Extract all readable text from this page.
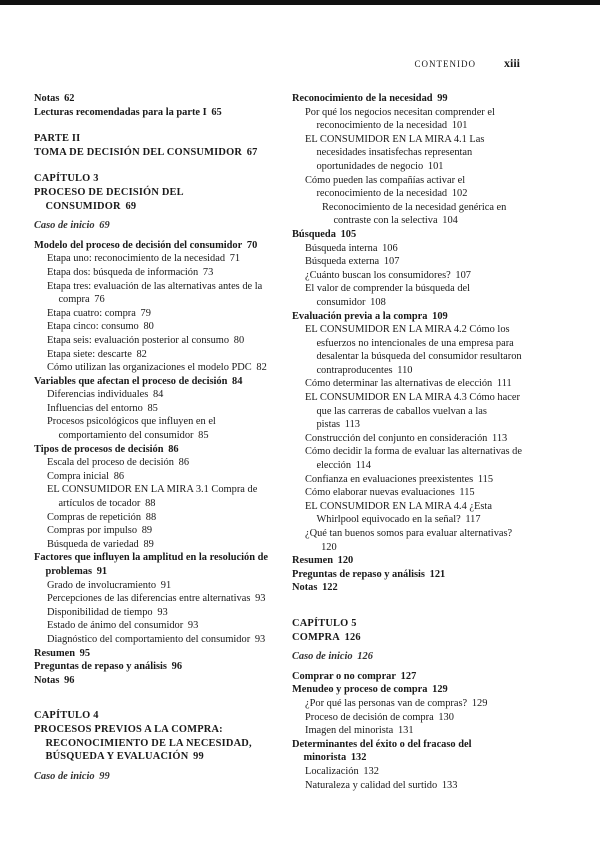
CONTENIDO xiii
Notas 62
Lecturas recomendadas para la parte I 65
PARTE II
TOMA DE DECISIÓN DEL CONSUMIDOR 67
CAPÍTULO 3
PROCESO DE DECISIÓN DEL CONSUMIDOR 69
Caso de inicio 69
Modelo del proceso de decisión del consumidor 70
Etapa uno: reconocimiento de la necesidad 71
Etapa dos: búsqueda de información 73
Etapa tres: evaluación de las alternativas antes de la compra 76
Etapa cuatro: compra 79
Etapa cinco: consumo 80
Etapa seis: evaluación posterior al consumo 80
Etapa siete: descarte 82
Cómo utilizan las organizaciones el modelo PDC 82
Variables que afectan el proceso de decisión 84
Diferencias individuales 84
Influencias del entorno 85
Procesos psicológicos que influyen en el comportamiento del consumidor 85
Tipos de procesos de decisión 86
Escala del proceso de decisión 86
Compra inicial 86
EL CONSUMIDOR EN LA MIRA 3.1 Compra de artículos de tocador 88
Compras de repetición 88
Compras por impulso 89
Búsqueda de variedad 89
Factores que influyen la amplitud en la resolución de problemas 91
Grado de involucramiento 91
Percepciones de las diferencias entre alternativas 93
Disponibilidad de tiempo 93
Estado de ánimo del consumidor 93
Diagnóstico del comportamiento del consumidor 93
Resumen 95
Preguntas de repaso y análisis 96
Notas 96
CAPÍTULO 4
PROCESOS PREVIOS A LA COMPRA: RECONOCIMIENTO DE LA NECESIDAD, BÚSQUEDA Y EVALUACIÓN 99
Caso de inicio 99
Reconocimiento de la necesidad 99
Por qué los negocios necesitan comprender el reconocimiento de la necesidad 101
EL CONSUMIDOR EN LA MIRA 4.1 Las necesidades insatisfechas representan oportunidades de negocio 101
Cómo pueden las compañías activar el reconocimiento de la necesidad 102
Reconocimiento de la necesidad genérica en contraste con la selectiva 104
Búsqueda 105
Búsqueda interna 106
Búsqueda externa 107
¿Cuánto buscan los consumidores? 107
El valor de comprender la búsqueda del consumidor 108
Evaluación previa a la compra 109
EL CONSUMIDOR EN LA MIRA 4.2 Cómo los esfuerzos no intencionales de una empresa para desalentar la búsqueda del consumidor resultaron contraproducentes 110
Cómo determinar las alternativas de elección 111
EL CONSUMIDOR EN LA MIRA 4.3 Cómo hacer que las carreras de caballos vuelvan a las pistas 113
Construcción del conjunto en consideración 113
Cómo decidir la forma de evaluar las alternativas de elección 114
Confianza en evaluaciones preexistentes 115
Cómo elaborar nuevas evaluaciones 115
EL CONSUMIDOR EN LA MIRA 4.4 ¿Esta Whirlpool equivocado en la señal? 117
¿Qué tan buenos somos para evaluar alternativas?120
Resumen 120
Preguntas de repaso y análisis 121
Notas 122
CAPÍTULO 5
COMPRA 126
Caso de inicio 126
Comprar o no comprar 127
Menudeo y proceso de compra 129
¿Por qué las personas van de compras? 129
Proceso de decisión de compra 130
Imagen del minorista 131
Determinantes del éxito o del fracaso del minorista 132
Localización 132
Naturaleza y calidad del surtido 133
